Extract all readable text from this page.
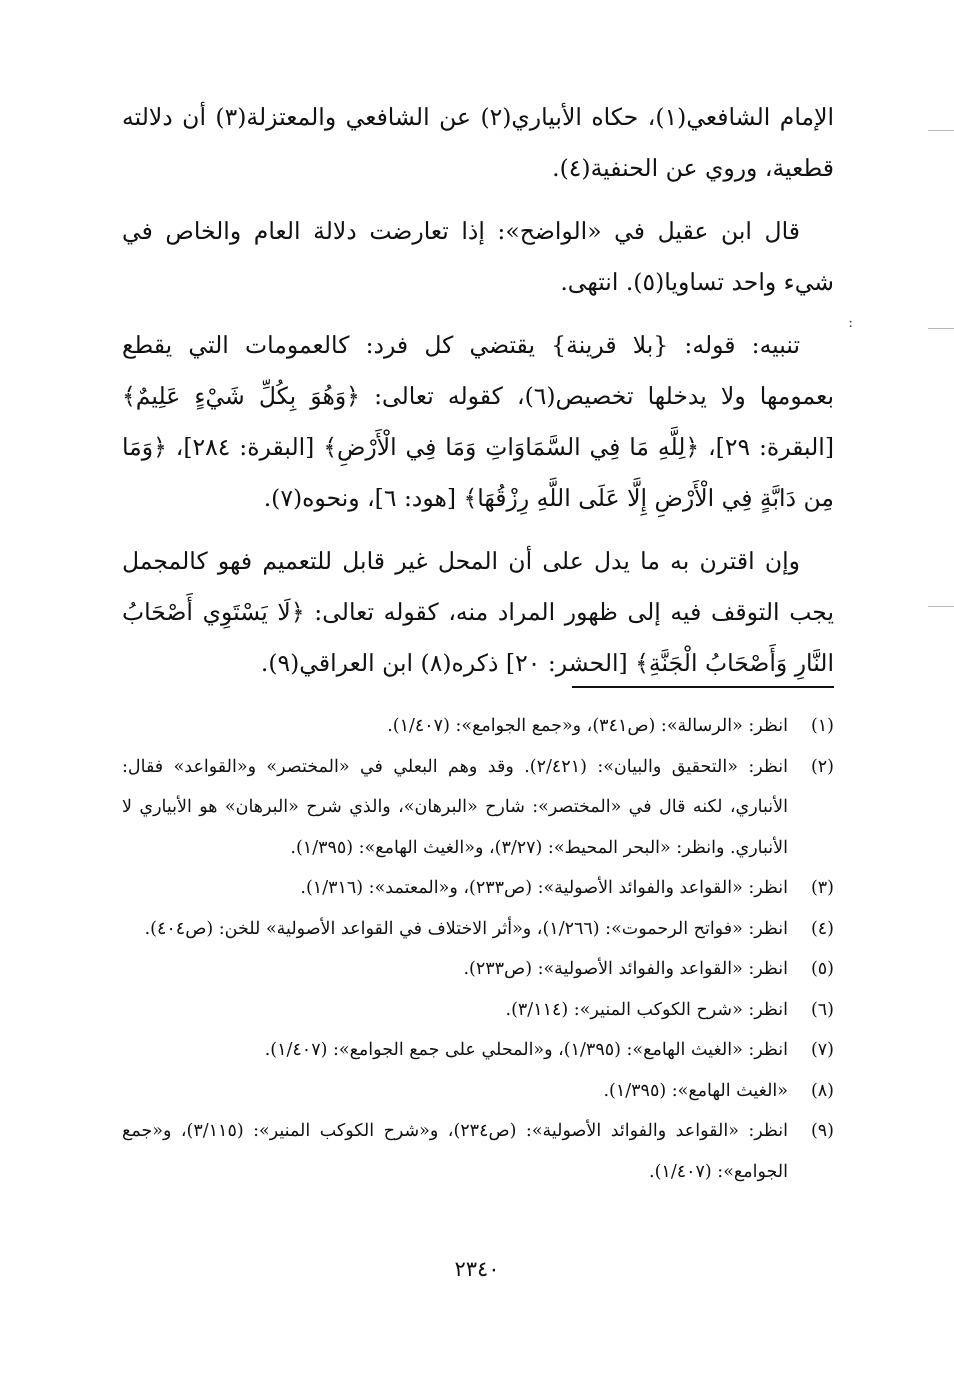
:

الإمام الشافعي(١)، حكاه الأبياري(٢) عن الشافعي والمعتزلة(٣) أن دلالته قطعية، وروي عن الحنفية(٤).

قال ابن عقيل في «الواضح»: إذا تعارضت دلالة العام والخاص في شيء واحد تساويا(٥). انتهى.

تنبيه: قوله: {بلا قرينة} يقتضي كل فرد: كالعمومات التي يقطع بعمومها ولا يدخلها تخصيص(٦)، كقوله تعالى: ﴿وَهُوَ بِكُلِّ شَيْءٍ عَلِيمٌ﴾ [البقرة: ٢٩]، ﴿لِلَّهِ مَا فِي السَّمَاوَاتِ وَمَا فِي الْأَرْضِ﴾ [البقرة: ٢٨٤]، ﴿وَمَا مِن دَابَّةٍ فِي الْأَرْضِ إِلَّا عَلَى اللَّهِ رِزْقُهَا﴾ [هود: ٦]، ونحوه(٧).

وإن اقترن به ما يدل على أن المحل غير قابل للتعميم فهو كالمجمل يجب التوقف فيه إلى ظهور المراد منه، كقوله تعالى: ﴿لَا يَسْتَوِي أَصْحَابُ النَّارِ وَأَصْحَابُ الْجَنَّةِ﴾ [الحشر: ٢٠] ذكره(٨) ابن العراقي(٩).

(١)
انظر: «الرسالة»: (ص٣٤١)، و«جمع الجوامع»: (١/٤٠٧).
(٢)
انظر: «التحقيق والبيان»: (٢/٤٢١). وقد وهم البعلي في «المختصر» و«القواعد» فقال: الأنباري، لكنه قال في «المختصر»: شارح «البرهان»، والذي شرح «البرهان» هو الأبياري لا الأنباري. وانظر: «البحر المحيط»: (٣/٢٧)، و«الغيث الهامع»: (١/٣٩٥).
(٣)
انظر: «القواعد والفوائد الأصولية»: (ص٢٣٣)، و«المعتمد»: (١/٣١٦).
(٤)
انظر: «فواتح الرحموت»: (١/٢٦٦)، و«أثر الاختلاف في القواعد الأصولية» للخن: (ص٤٠٤).
(٥)
انظر: «القواعد والفوائد الأصولية»: (ص٢٣٣).
(٦)
انظر: «شرح الكوكب المنير»: (٣/١١٤).
(٧)
انظر: «الغيث الهامع»: (١/٣٩٥)، و«المحلي على جمع الجوامع»: (١/٤٠٧).
(٨)
«الغيث الهامع»: (١/٣٩٥).
(٩)
انظر: «القواعد والفوائد الأصولية»: (ص٢٣٤)، و«شرح الكوكب المنير»: (٣/١١٥)، و«جمع الجوامع»: (١/٤٠٧).
٢٣٤٠
